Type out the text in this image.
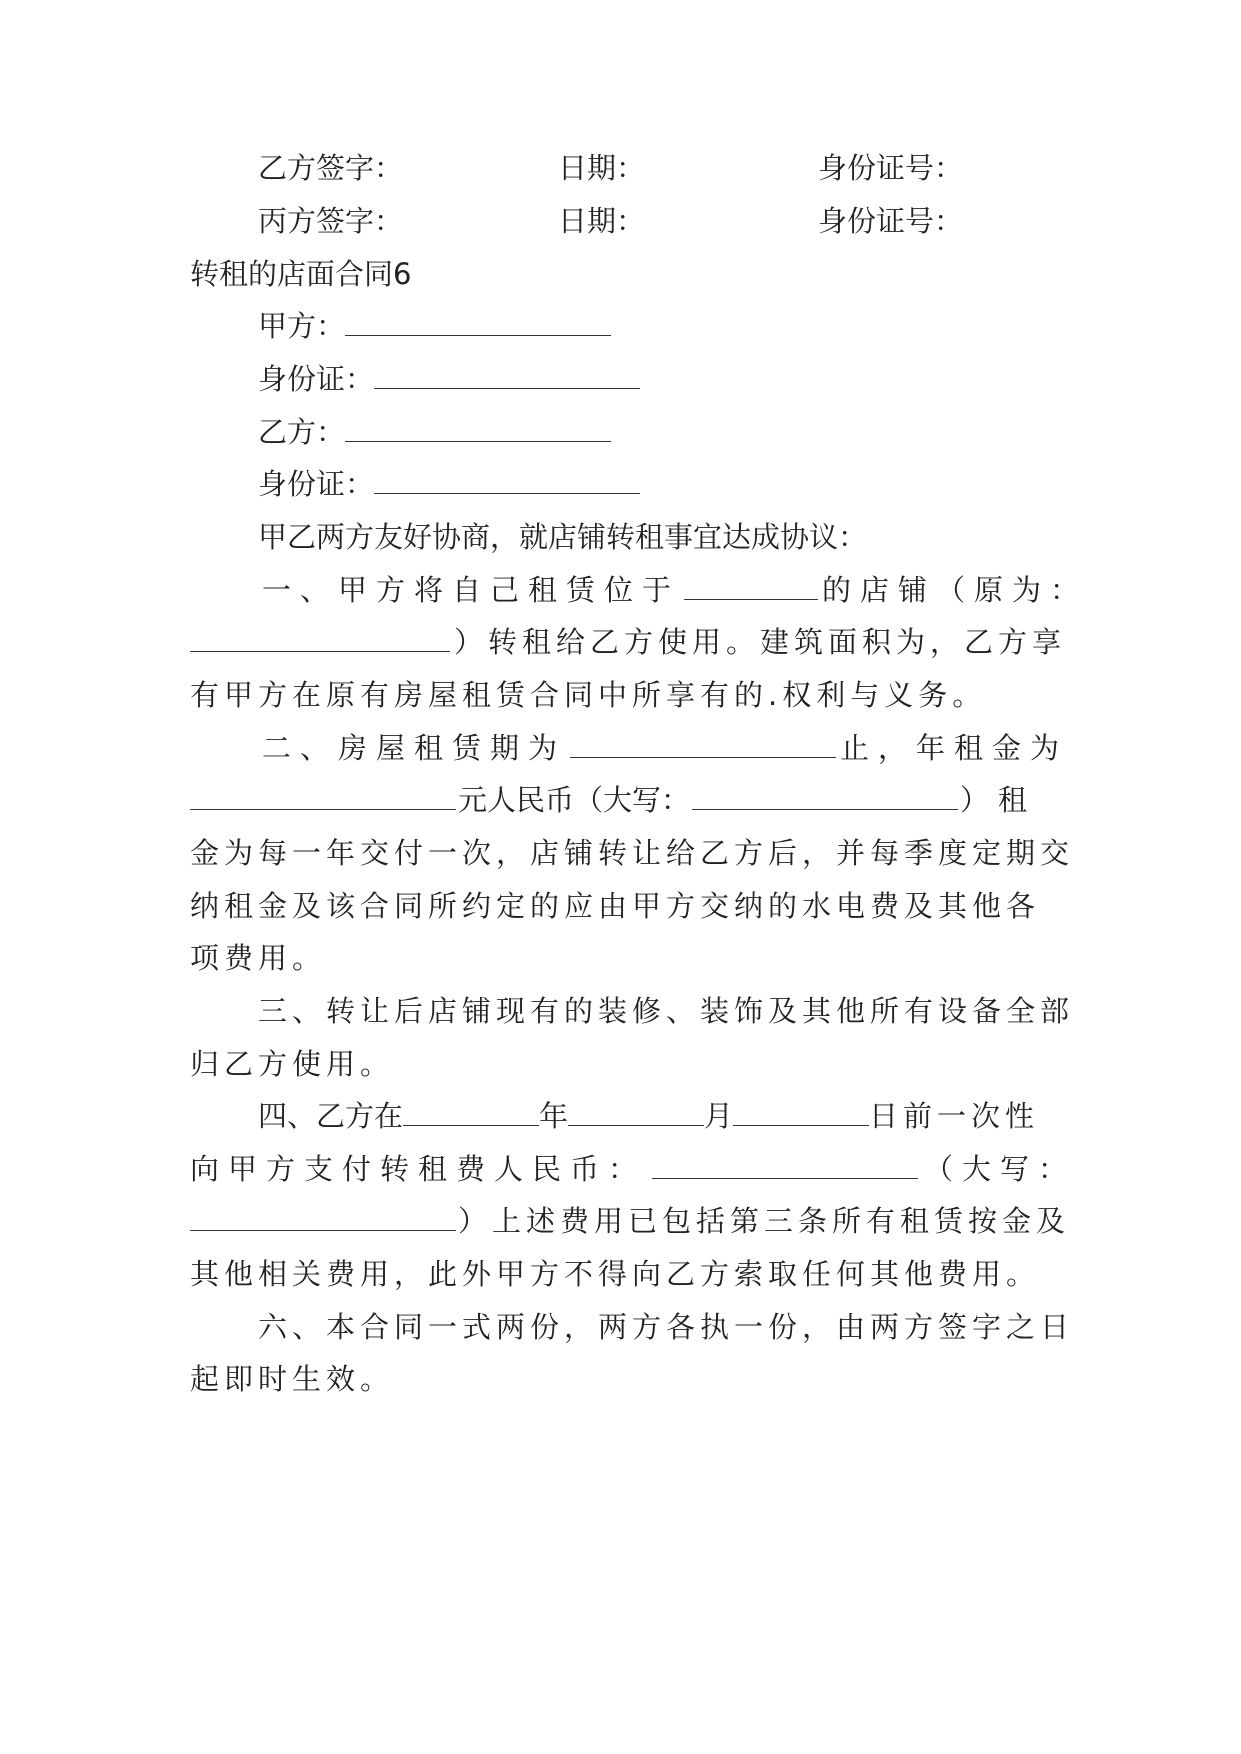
乙方签字：	日期：	身份证号：

丙方签字：	日期：	身份证号：

转租的店面合同6

甲方：

身份证：

乙方：

身份证：

甲乙两方友好协商，就店铺转租事宜达成协议：

一、甲方将自己租赁位于	的店铺（原为：

）转租给乙方使用。建筑面积为，乙方享

有甲方在原有房屋租赁合同中所享有的.权利与义务。

二、房屋租赁期为	止，年租金为

元人民币（大写：	）租

金为每一年交付一次，店铺转让给乙方后，并每季度定期交

纳租金及该合同所约定的应由甲方交纳的水电费及其他各

项费用。

三、转让后店铺现有的装修、装饰及其他所有设备全部

归乙方使用。

四、乙方在	年	月	日前一次性

向甲方支付转租费人民币：	（大写：

）上述费用已包括第三条所有租赁按金及

其他相关费用，此外甲方不得向乙方索取任何其他费用。

六、本合同一式两份，两方各执一份，由两方签字之日

起即时生效。
